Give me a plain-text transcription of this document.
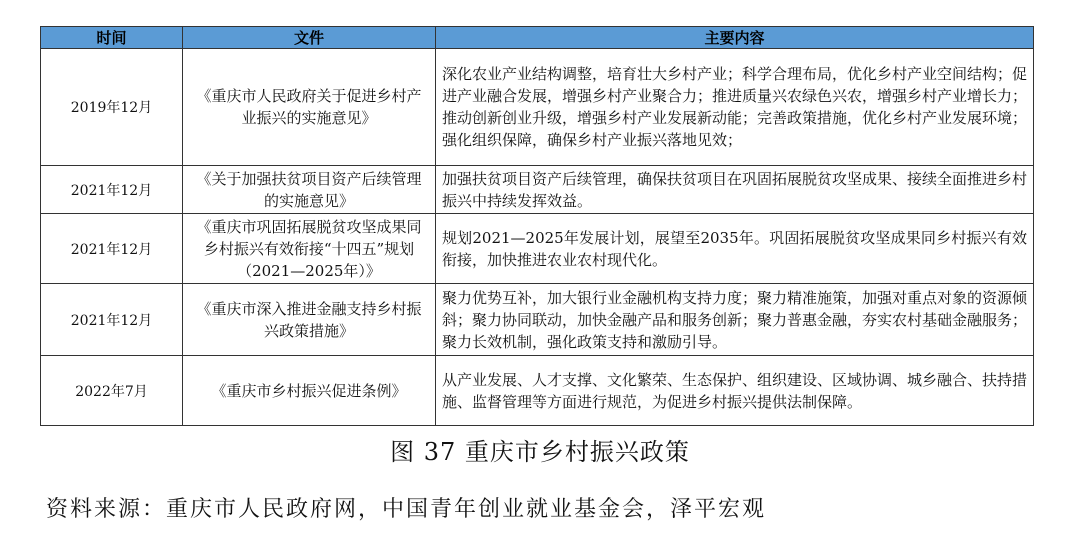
时间	文件	主要内容
2019年12月	《重庆市人民政府关于促进乡村产业振兴的实施意见》	深化农业产业结构调整，培育壮大乡村产业；科学合理布局，优化乡村产业空间结构；促进产业融合发展，增强乡村产业聚合力；推进质量兴农绿色兴农，增强乡村产业增长力；推动创新创业升级，增强乡村产业发展新动能；完善政策措施，优化乡村产业发展环境；强化组织保障，确保乡村产业振兴落地见效；
2021年12月	《关于加强扶贫项目资产后续管理的实施意见》	加强扶贫项目资产后续管理，确保扶贫项目在巩固拓展脱贫攻坚成果、接续全面推进乡村振兴中持续发挥效益。
2021年12月	《重庆市巩固拓展脱贫攻坚成果同乡村振兴有效衔接“十四五”规划（2021—2025年）》	规划2021—2025年发展计划，展望至2035年。巩固拓展脱贫攻坚成果同乡村振兴有效衔接，加快推进农业农村现代化。
2021年12月	《重庆市深入推进金融支持乡村振兴政策措施》	聚力优势互补，加大银行业金融机构支持力度；聚力精准施策，加强对重点对象的资源倾斜；聚力协同联动，加快金融产品和服务创新；聚力普惠金融，夯实农村基础金融服务；聚力长效机制，强化政策支持和激励引导。
2022年7月	《重庆市乡村振兴促进条例》	从产业发展、人才支撑、文化繁荣、生态保护、组织建设、区域协调、城乡融合、扶持措施、监督管理等方面进行规范，为促进乡村振兴提供法制保障。
图 37 重庆市乡村振兴政策
资料来源：重庆市人民政府网，中国青年创业就业基金会，泽平宏观
